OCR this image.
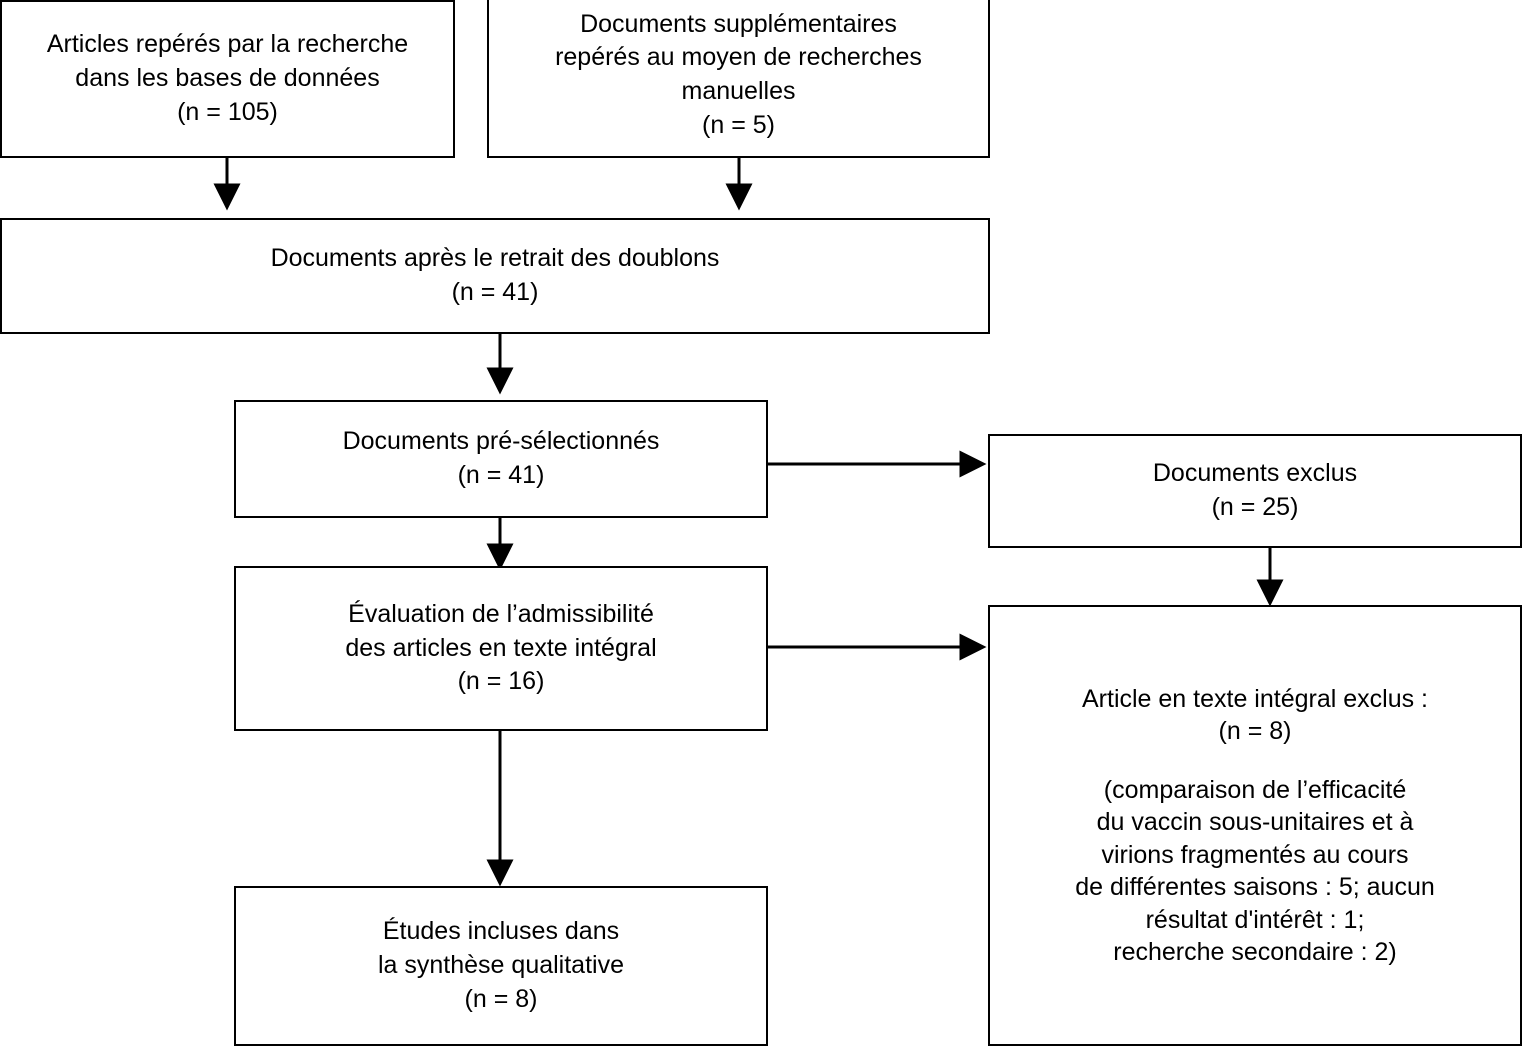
Articles repérés par la recherche
dans les bases de données
(n = 105)
Documents supplémentaires
repérés au moyen de recherches
manuelles
(n = 5)
Documents après le retrait des doublons
(n = 41)
Documents pré-sélectionnés
(n = 41)	Documents exclus
(n = 25)
Évaluation de l’admissibilité
des articles en texte intégral
(n = 16)
Article en texte intégral exclus :
(n = 8)
(comparaison de l’efficacité
du vaccin sous-unitaires et à
virions fragmentés au cours
de différentes saisons : 5; aucun
résultat d'intérêt : 1;
recherche secondaire : 2)
Études incluses dans
la synthèse qualitative
(n = 8)
